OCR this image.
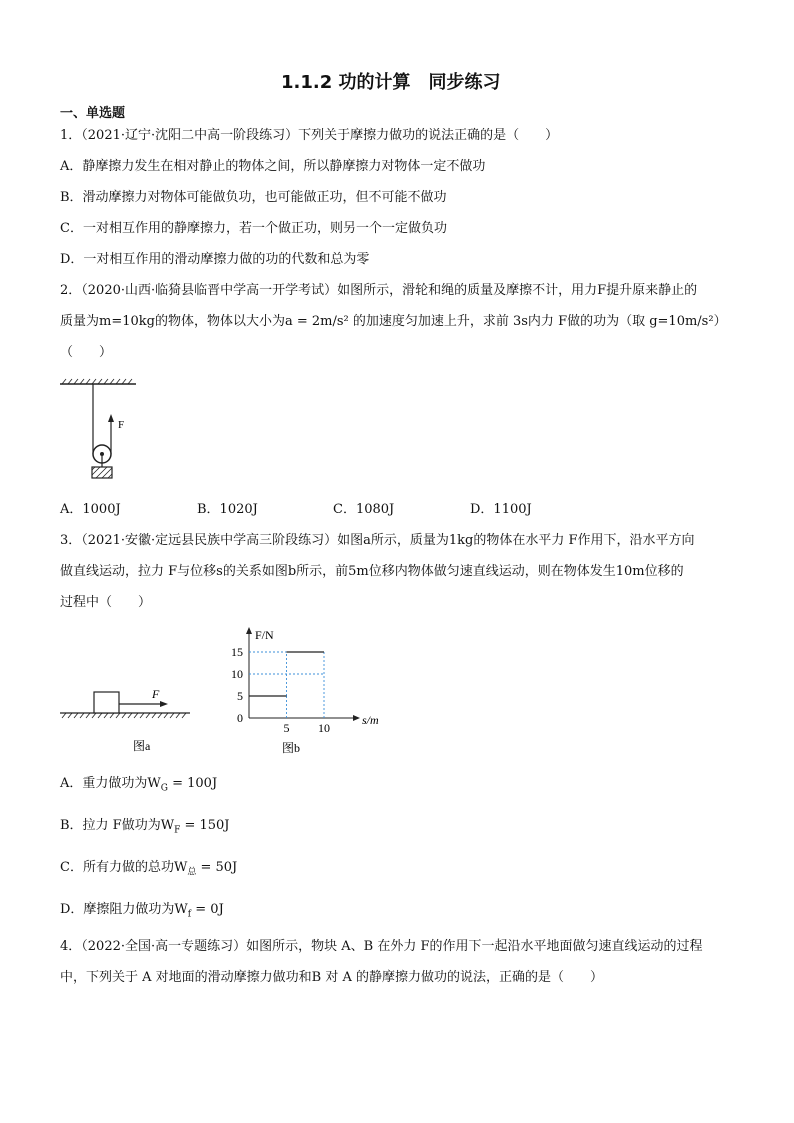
1.1.2 功的计算　同步练习
一、单选题
1．（2021·辽宁·沈阳二中高一阶段练习）下列关于摩擦力做功的说法正确的是（　　）
A．静摩擦力发生在相对静止的物体之间，所以静摩擦力对物体一定不做功
B．滑动摩擦力对物体可能做负功，也可能做正功，但不可能不做功
C．一对相互作用的静摩擦力，若一个做正功，则另一个一定做负功
D．一对相互作用的滑动摩擦力做的功的代数和总为零
2．（2020·山西·临猗县临晋中学高一开学考试）如图所示，滑轮和绳的质量及摩擦不计，用力F提升原来静止的
质量为m=10kg的物体，物体以大小为a = 2m/s² 的加速度匀加速上升，求前 3s内力 F做的功为（取 g=10m/s²）
（　　）
F
A．1000J	B．1020J	C．1080J	D．1100J
3．（2021·安徽·定远县民族中学高三阶段练习）如图a所示，质量为1kg的物体在水平力 F作用下，沿水平方向
做直线运动，拉力 F与位移s的关系如图b所示，前5m位移内物体做匀速直线运动，则在物体发生10m位移的
过程中（　　）
F
图a
0
5
10
15
5 10
F/N
s/m
图b
A．重力做功为$W_G = 100J$
B．拉力 F做功为$W_F = 150J$
C．所有力做的总功$W_总 = 50J$
D．摩擦阻力做功为$W_f = 0J$
4．（2022·全国·高一专题练习）如图所示，物块 A、B 在外力 F的作用下一起沿水平地面做匀速直线运动的过程
中，下列关于 A 对地面的滑动摩擦力做功和B 对 A 的静摩擦力做功的说法，正确的是（　　）
